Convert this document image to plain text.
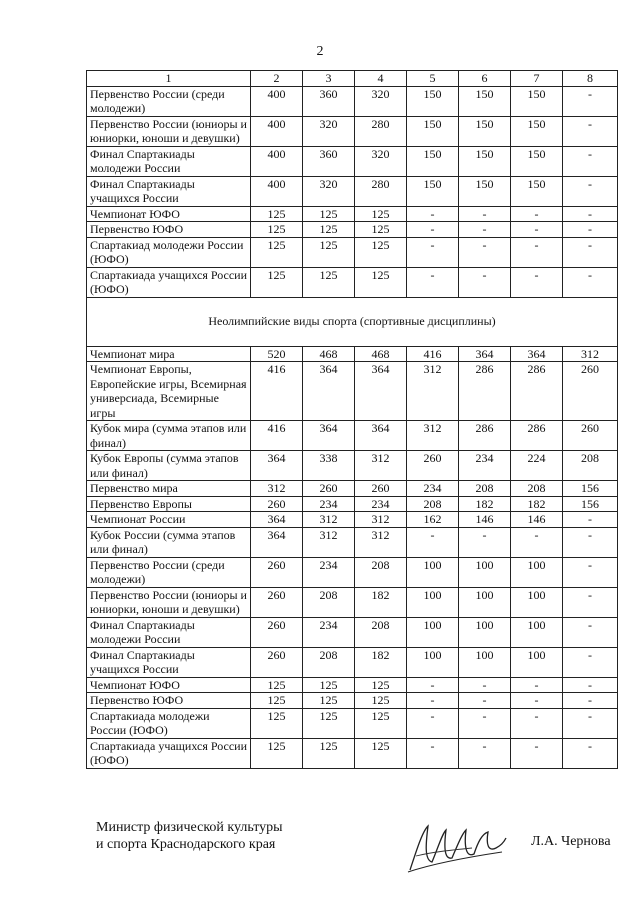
2
1	2	3	4	5	6	7	8
Первенство России (среди молодежи)	400	360	320	150	150	150	-
Первенство России (юниоры и юниорки, юноши и девушки)	400	320	280	150	150	150	-
Финал Спартакиады молодежи России	400	360	320	150	150	150	-
Финал Спартакиады учащихся России	400	320	280	150	150	150	-
Чемпионат ЮФО	125	125	125	-	-	-	-
Первенство ЮФО	125	125	125	-	-	-	-
Спартакиад молодежи России (ЮФО)	125	125	125	-	-	-	-
Спартакиада учащихся России (ЮФО)	125	125	125	-	-	-	-
Неолимпийские виды спорта (спортивные дисциплины)							
Чемпионат мира	520	468	468	416	364	364	312
Чемпионат Европы, Европейские игры, Всемирная универсиада, Всемирные игры	416	364	364	312	286	286	260
Кубок мира (сумма этапов или финал)	416	364	364	312	286	286	260
Кубок Европы (сумма этапов или финал)	364	338	312	260	234	224	208
Первенство мира	312	260	260	234	208	208	156
Первенство Европы	260	234	234	208	182	182	156
Чемпионат России	364	312	312	162	146	146	-
Кубок России (сумма этапов или финал)	364	312	312	-	-	-	-
Первенство России (среди молодежи)	260	234	208	100	100	100	-
Первенство России (юниоры и юниорки, юноши и девушки)	260	208	182	100	100	100	-
Финал Спартакиады молодежи России	260	234	208	100	100	100	-
Финал Спартакиады учащихся России	260	208	182	100	100	100	-
Чемпионат ЮФО	125	125	125	-	-	-	-
Первенство ЮФО	125	125	125	-	-	-	-
Спартакиада молодежи России (ЮФО)	125	125	125	-	-	-	-
Спартакиада учащихся России (ЮФО)	125	125	125	-	-	-	-
Министр физической культуры
и спорта Краснодарского края	Л.А. Чернова
